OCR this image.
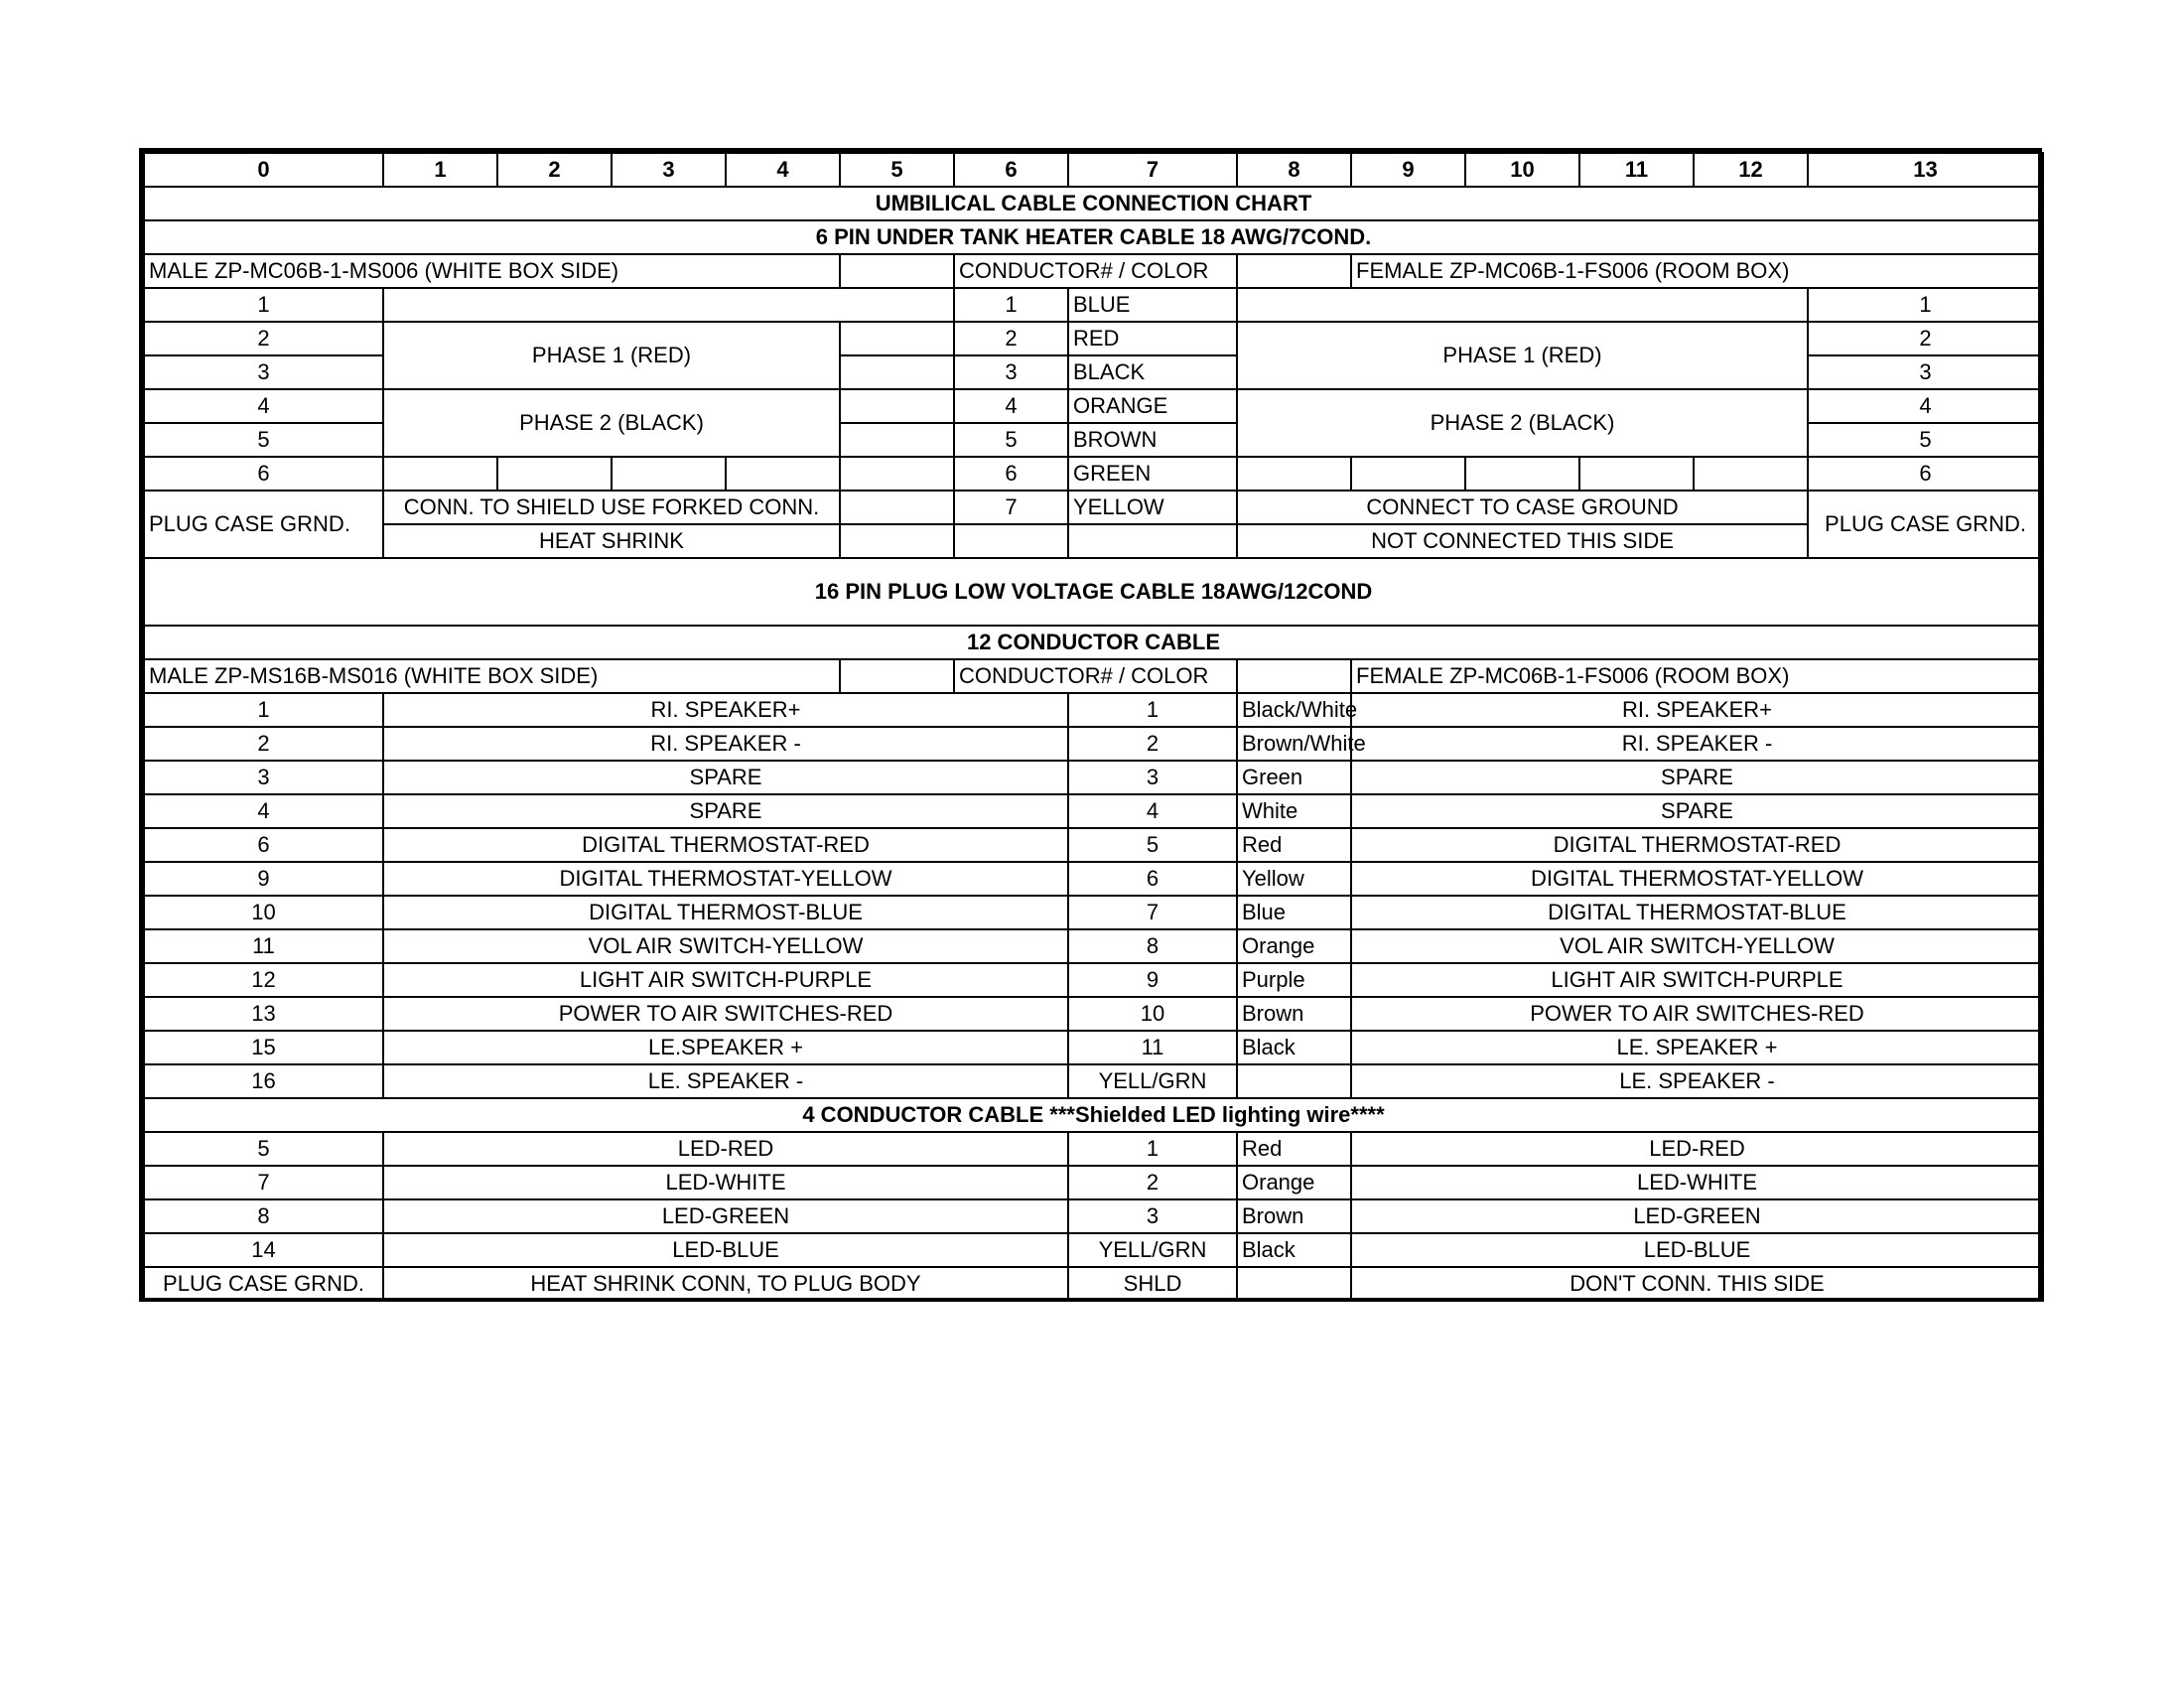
0	1	2	3	4	5	6	7	8	9	10	11	12	13	
UMBILICAL CABLE CONNECTION CHART														
6 PIN UNDER TANK HEATER CABLE 18 AWG/7COND.														
MALE ZP-MC06B-1-MS006 (WHITE BOX SIDE)						CONDUCTOR# / COLOR			FEMALE ZP-MC06B-1-FS006 (ROOM BOX)					
1						1	BLUE						1	
2	PHASE 1 (RED)					2	RED	PHASE 1 (RED)					2	
3						3	BLACK						3	
4	PHASE 2 (BLACK)					4	ORANGE	PHASE 2 (BLACK)					4	
5						5	BROWN						5	
6						6	GREEN						6	
PLUG CASE GRND.	CONN. TO SHIELD USE FORKED CONN.					7	YELLOW	CONNECT TO CASE GROUND					PLUG CASE GRND.	
	HEAT SHRINK							NOT CONNECTED THIS SIDE						
16 PIN PLUG LOW VOLTAGE CABLE 18AWG/12COND														
12 CONDUCTOR CABLE														
MALE ZP-MS16B-MS016 (WHITE BOX SIDE)						CONDUCTOR# / COLOR			FEMALE ZP-MC06B-1-FS006 (ROOM BOX)					
1	RI. SPEAKER+						1	Black/White	RI. SPEAKER+	
2	RI. SPEAKER -						2	Brown/White	RI. SPEAKER -	
3	SPARE						3	Green	SPARE	
4	SPARE						4	White	SPARE	
6	DIGITAL THERMOSTAT-RED						5	Red	DIGITAL THERMOSTAT-RED	
9	DIGITAL THERMOSTAT-YELLOW						6	Yellow	DIGITAL THERMOSTAT-YELLOW	
10	DIGITAL THERMOST-BLUE						7	Blue	DIGITAL THERMOSTAT-BLUE	
11	VOL AIR SWITCH-YELLOW						8	Orange	VOL AIR SWITCH-YELLOW	
12	LIGHT AIR SWITCH-PURPLE						9	Purple	LIGHT AIR SWITCH-PURPLE	
13	POWER TO AIR SWITCHES-RED						10	Brown	POWER TO AIR SWITCHES-RED	
15	LE.SPEAKER +						11	Black	LE. SPEAKER +	
16	LE. SPEAKER -						YELL/GRN		LE. SPEAKER -	
4 CONDUCTOR CABLE ***Shielded LED lighting wire****														
5	LED-RED						1	Red	LED-RED	
7	LED-WHITE						2	Orange	LED-WHITE	
8	LED-GREEN						3	Brown	LED-GREEN	
14	LED-BLUE						YELL/GRN	Black	LED-BLUE	
PLUG CASE GRND.	HEAT SHRINK CONN, TO PLUG BODY						SHLD		DON'T CONN. THIS SIDE					
